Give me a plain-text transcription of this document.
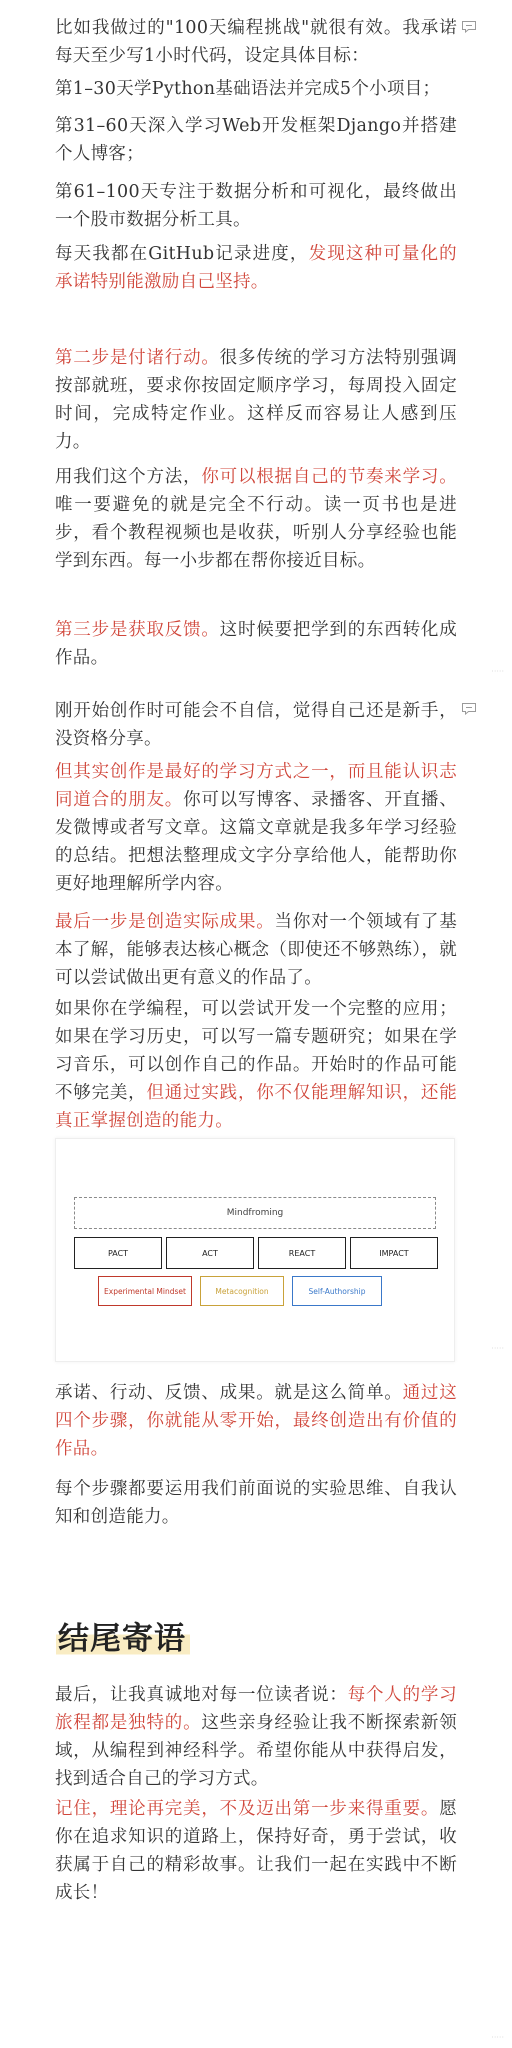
比如我做过的"100天编程挑战"就很有效。我承诺每天至少写1小时代码，设定具体目标：

第1–30天学Python基础语法并完成5个小项目；

第31–60天深入学习Web开发框架Django并搭建个人博客；

第61–100天专注于数据分析和可视化，最终做出一个股市数据分析工具。

每天我都在GitHub记录进度，发现这种可量化的承诺特别能激励自己坚持。

第二步是付诸行动。很多传统的学习方法特别强调按部就班，要求你按固定顺序学习，每周投入固定时间，完成特定作业。这样反而容易让人感到压力。

用我们这个方法，你可以根据自己的节奏来学习。唯一要避免的就是完全不行动。读一页书也是进步，看个教程视频也是收获，听别人分享经验也能学到东西。每一小步都在帮你接近目标。

第三步是获取反馈。这时候要把学到的东西转化成作品。

·····

刚开始创作时可能会不自信，觉得自己还是新手，没资格分享。

但其实创作是最好的学习方式之一，而且能认识志同道合的朋友。你可以写博客、录播客、开直播、发微博或者写文章。这篇文章就是我多年学习经验的总结。把想法整理成文字分享给他人，能帮助你更好地理解所学内容。

最后一步是创造实际成果。当你对一个领域有了基本了解，能够表达核心概念（即使还不够熟练），就可以尝试做出更有意义的作品了。

如果你在学编程，可以尝试开发一个完整的应用；如果在学习历史，可以写一篇专题研究；如果在学习音乐，可以创作自己的作品。开始时的作品可能不够完美，但通过实践，你不仅能理解知识，还能真正掌握创造的能力。

Mindfroming
PACT	ACT	REACT	IMPACT
Experimental Mindset	Metacognition	Self-Authorship
·····

承诺、行动、反馈、成果。就是这么简单。通过这四个步骤，你就能从零开始，最终创造出有价值的作品。

每个步骤都要运用我们前面说的实验思维、自我认知和创造能力。

结尾寄语

最后，让我真诚地对每一位读者说：每个人的学习旅程都是独特的。这些亲身经验让我不断探索新领域，从编程到神经科学。希望你能从中获得启发，找到适合自己的学习方式。

记住，理论再完美，不及迈出第一步来得重要。愿你在追求知识的道路上，保持好奇，勇于尝试，收获属于自己的精彩故事。让我们一起在实践中不断成长！

·····
